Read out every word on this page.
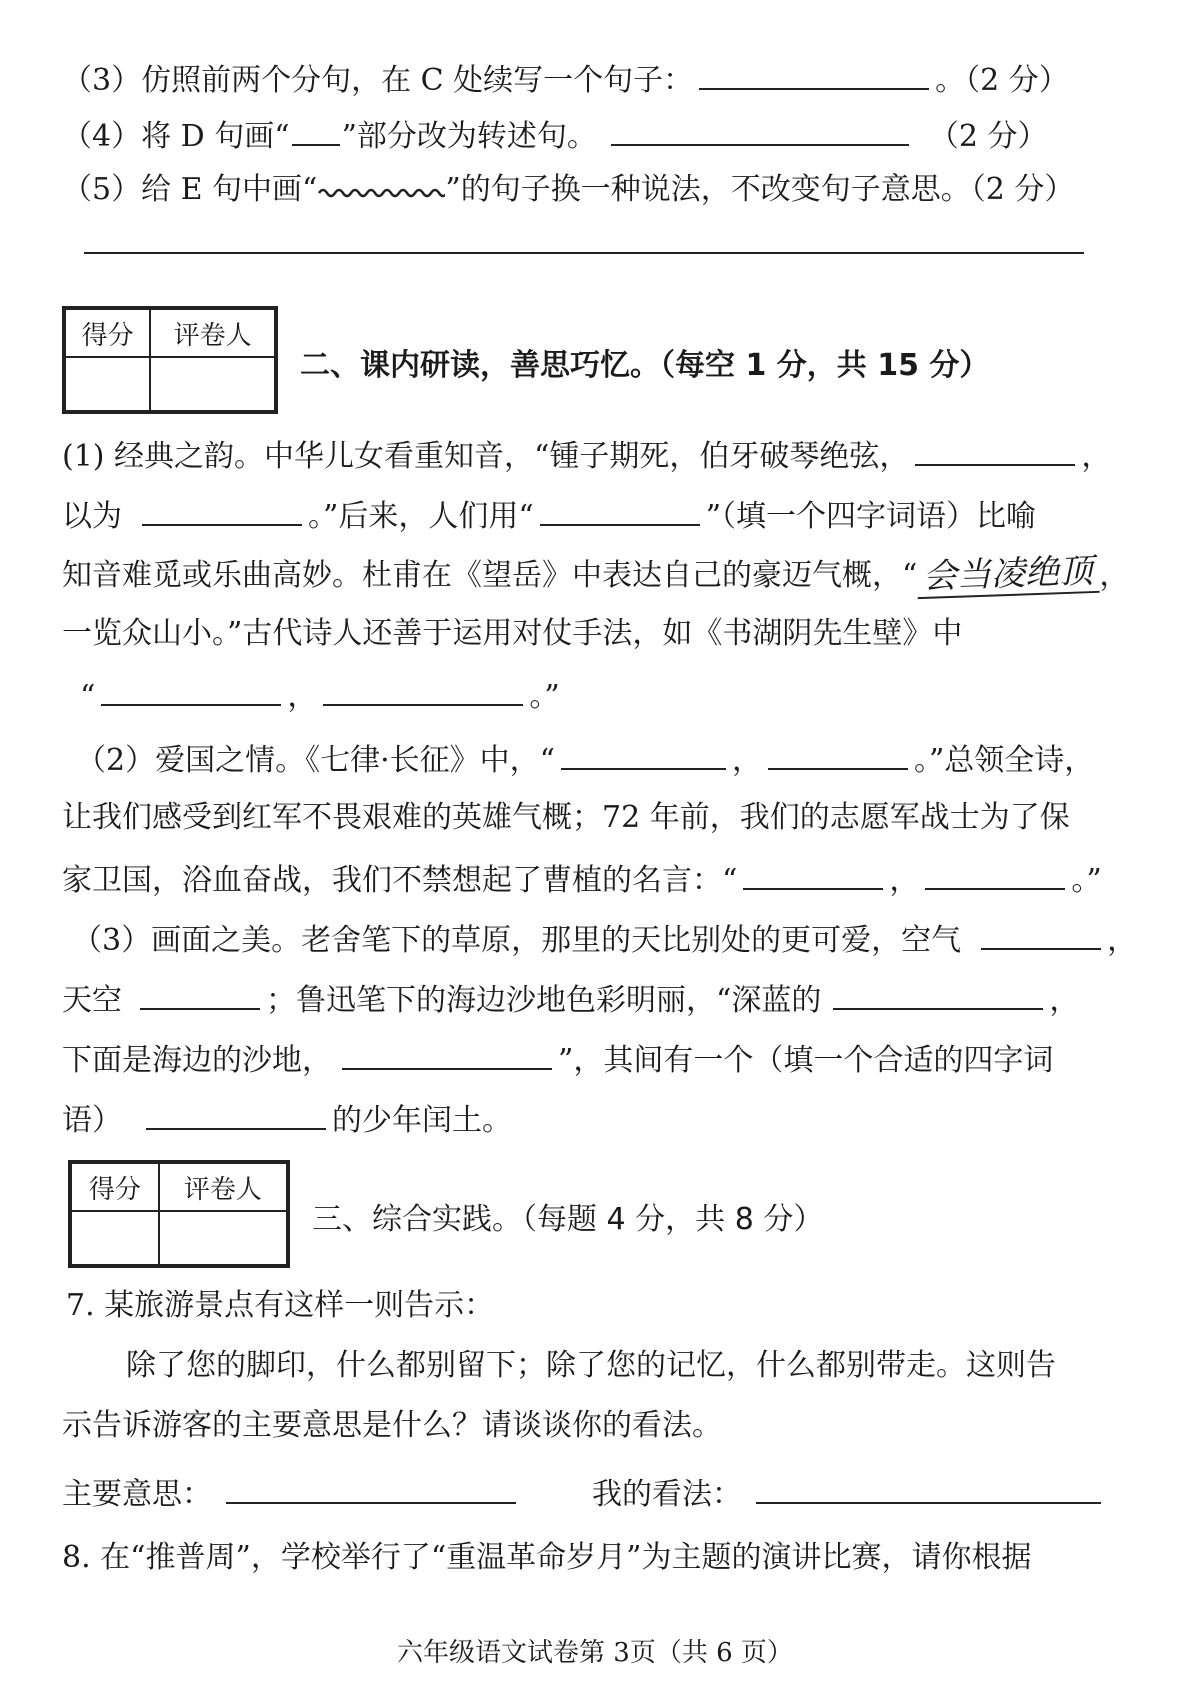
（3）仿照前两个分句，在 C 处续写一个句子：	。（2 分）
（4）将 D 句画“ ”部分改为转述句。	（2 分）
（5）给 E 句中画“	”的句子换一种说法，不改变句子意思。（2 分）
得分	评卷人

二、课内研读，善思巧忆。（每空 1 分，共 15 分）
(1) 经典之韵。中华儿女看重知音，“锺子期死，伯牙破琴绝弦，	，
以为	。”后来，人们用“	”（填一个四字词语）比喻
知音难觅或乐曲高妙。杜甫在《望岳》中表达自己的豪迈气概，“ 会当凌绝顶 ，
一览众山小。”古代诗人还善于运用对仗手法，如《书湖阴先生壁》中
“	，	。”
（2）爱国之情。《七律·长征》中，“	，	。”总领全诗，
让我们感受到红军不畏艰难的英雄气概；72 年前，我们的志愿军战士为了保
家卫国，浴血奋战，我们不禁想起了曹植的名言：“	，	。”
（3）画面之美。老舍笔下的草原，那里的天比别处的更可爱，空气	，
天空	；鲁迅笔下的海边沙地色彩明丽，“深蓝的	，
下面是海边的沙地，	”，其间有一个（填一个合适的四字词
语）	的少年闰土。
得分	评卷人

三、综合实践。（每题 4 分，共 8 分）
7. 某旅游景点有这样一则告示：
除了您的脚印，什么都别留下；除了您的记忆，什么都别带走。这则告
示告诉游客的主要意思是什么？请谈谈你的看法。
主要意思：	我的看法：
8. 在“推普周”，学校举行了“重温革命岁月”为主题的演讲比赛，请你根据
六年级语文试卷第 3页（共 6 页）
